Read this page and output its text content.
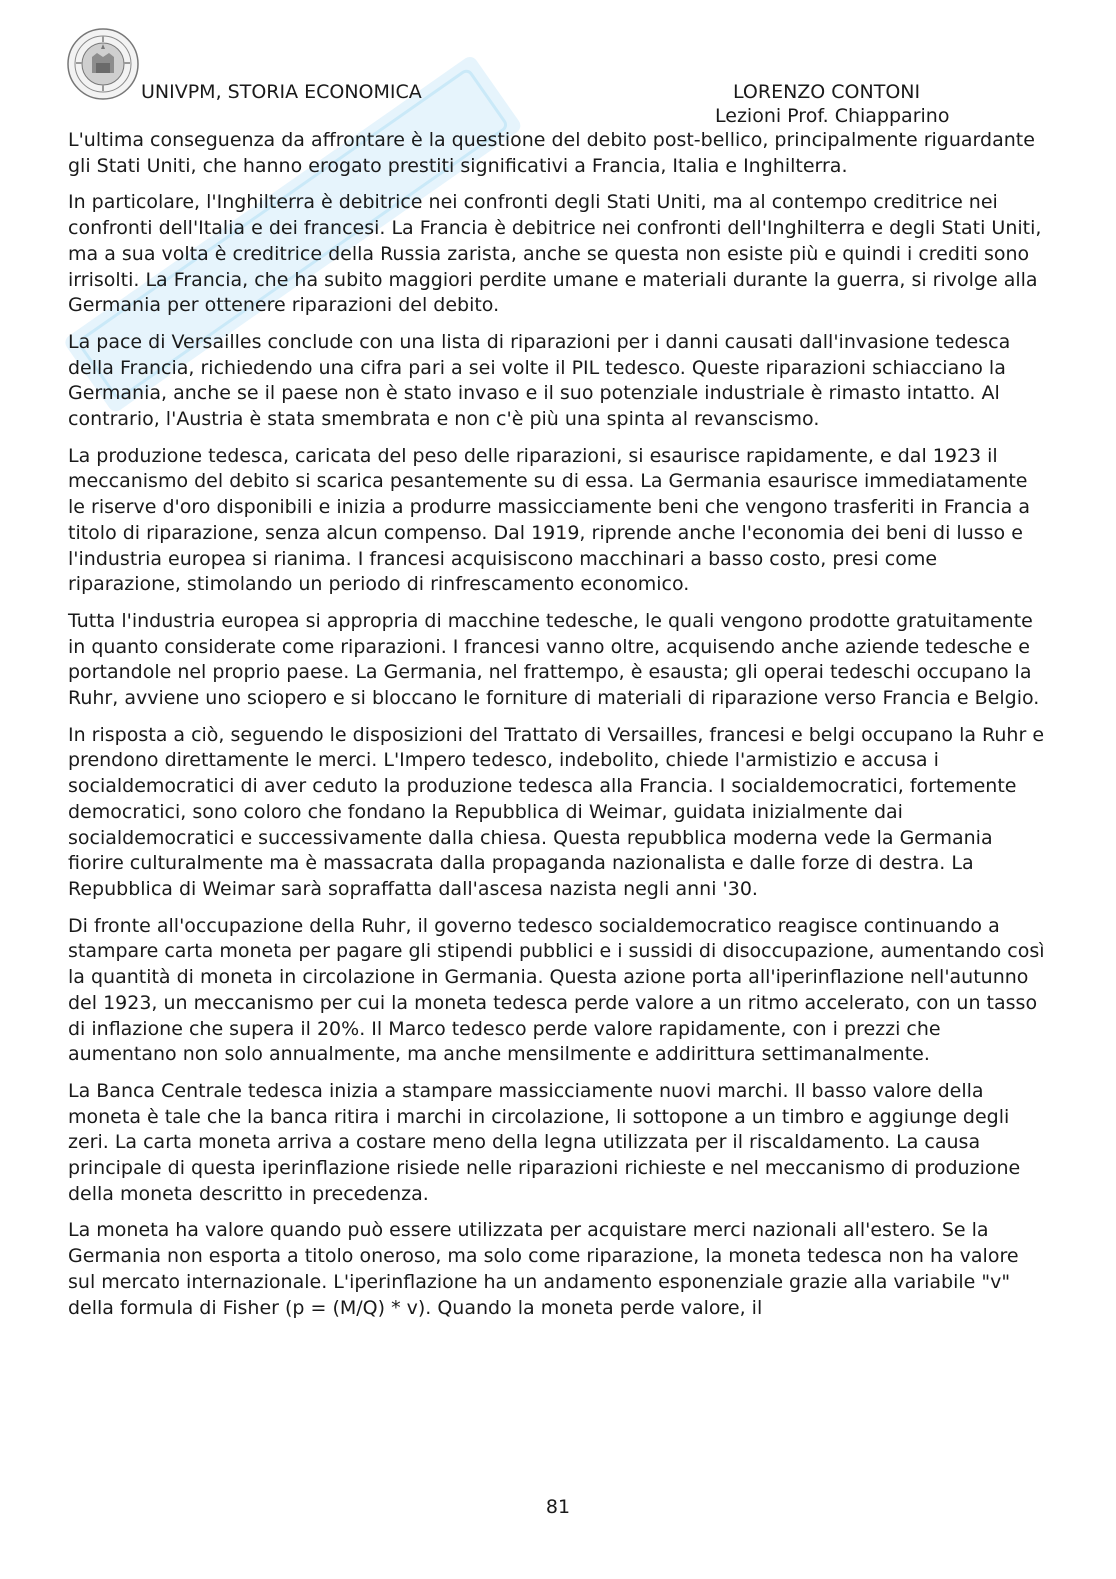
UNIVPM, STORIA ECONOMICA	LORENZO CONTONI
Lezioni Prof. Chiapparino

L'ultima conseguenza da affrontare è la questione del debito post-bellico, principalmente riguardante gli Stati Uniti, che hanno erogato prestiti significativi a Francia, Italia e Inghilterra.

In particolare, l'Inghilterra è debitrice nei confronti degli Stati Uniti, ma al contempo creditrice nei confronti dell'Italia e dei francesi. La Francia è debitrice nei confronti dell'Inghilterra e degli Stati Uniti, ma a sua volta è creditrice della Russia zarista, anche se questa non esiste più e quindi i crediti sono irrisolti. La Francia, che ha subito maggiori perdite umane e materiali durante la guerra, si rivolge alla Germania per ottenere riparazioni del debito.

La pace di Versailles conclude con una lista di riparazioni per i danni causati dall'invasione tedesca della Francia, richiedendo una cifra pari a sei volte il PIL tedesco. Queste riparazioni schiacciano la Germania, anche se il paese non è stato invaso e il suo potenziale industriale è rimasto intatto. Al contrario, l'Austria è stata smembrata e non c'è più una spinta al revanscismo.

La produzione tedesca, caricata del peso delle riparazioni, si esaurisce rapidamente, e dal 1923 il meccanismo del debito si scarica pesantemente su di essa. La Germania esaurisce immediatamente le riserve d'oro disponibili e inizia a produrre massicciamente beni che vengono trasferiti in Francia a titolo di riparazione, senza alcun compenso. Dal 1919, riprende anche l'economia dei beni di lusso e l'industria europea si rianima. I francesi acquisiscono macchinari a basso costo, presi come riparazione, stimolando un periodo di rinfrescamento economico.

Tutta l'industria europea si appropria di macchine tedesche, le quali vengono prodotte gratuitamente in quanto considerate come riparazioni. I francesi vanno oltre, acquisendo anche aziende tedesche e portandole nel proprio paese. La Germania, nel frattempo, è esausta; gli operai tedeschi occupano la Ruhr, avviene uno sciopero e si bloccano le forniture di materiali di riparazione verso Francia e Belgio.

In risposta a ciò, seguendo le disposizioni del Trattato di Versailles, francesi e belgi occupano la Ruhr e prendono direttamente le merci. L'Impero tedesco, indebolito, chiede l'armistizio e accusa i socialdemocratici di aver ceduto la produzione tedesca alla Francia. I socialdemocratici, fortemente democratici, sono coloro che fondano la Repubblica di Weimar, guidata inizialmente dai socialdemocratici e successivamente dalla chiesa. Questa repubblica moderna vede la Germania fiorire culturalmente ma è massacrata dalla propaganda nazionalista e dalle forze di destra. La Repubblica di Weimar sarà sopraffatta dall'ascesa nazista negli anni '30.

Di fronte all'occupazione della Ruhr, il governo tedesco socialdemocratico reagisce continuando a stampare carta moneta per pagare gli stipendi pubblici e i sussidi di disoccupazione, aumentando così la quantità di moneta in circolazione in Germania. Questa azione porta all'iperinflazione nell'autunno del 1923, un meccanismo per cui la moneta tedesca perde valore a un ritmo accelerato, con un tasso di inflazione che supera il 20%. Il Marco tedesco perde valore rapidamente, con i prezzi che aumentano non solo annualmente, ma anche mensilmente e addirittura settimanalmente.

La Banca Centrale tedesca inizia a stampare massicciamente nuovi marchi. Il basso valore della moneta è tale che la banca ritira i marchi in circolazione, li sottopone a un timbro e aggiunge degli zeri. La carta moneta arriva a costare meno della legna utilizzata per il riscaldamento. La causa principale di questa iperinflazione risiede nelle riparazioni richieste e nel meccanismo di produzione della moneta descritto in precedenza.

La moneta ha valore quando può essere utilizzata per acquistare merci nazionali all'estero. Se la Germania non esporta a titolo oneroso, ma solo come riparazione, la moneta tedesca non ha valore sul mercato internazionale. L'iperinflazione ha un andamento esponenziale grazie alla variabile "v" della formula di Fisher (p = (M/Q) * v). Quando la moneta perde valore, il

81
